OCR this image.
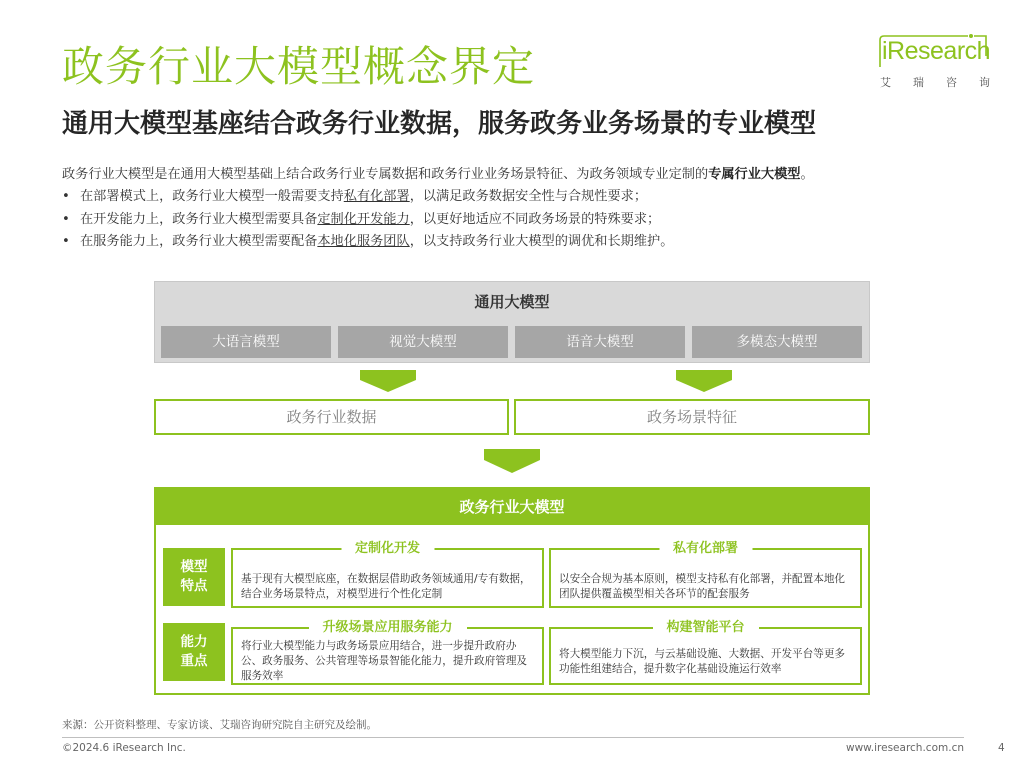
政务行业大模型概念界定
通用大模型基座结合政务行业数据，服务政务业务场景的专业模型
iResearch
艾 瑞 咨 询

政务行业大模型是在通用大模型基础上结合政务行业专属数据和政务行业业务场景特征、为政务领域专业定制的专属行业大模型。

• 在部署模式上，政务行业大模型一般需要支持私有化部署，以满足政务数据安全性与合规性要求；
• 在开发能力上，政务行业大模型需要具备定制化开发能力，以更好地适应不同政务场景的特殊要求；
• 在服务能力上，政务行业大模型需要配备本地化服务团队，以支持政务行业大模型的调优和长期维护。
通用大模型
大语言模型	视觉大模型	语音大模型	多模态大模型
政务行业数据	政务场景特征
政务行业大模型
模型
特点
定制化开发
基于现有大模型底座，在数据层借助政务领域通用/专有数据，结合业务场景特点，对模型进行个性化定制
私有化部署
以安全合规为基本原则，模型支持私有化部署，并配置本地化团队提供覆盖模型相关各环节的配套服务
能力
重点
升级场景应用服务能力
将行业大模型能力与政务场景应用结合，进一步提升政府办公、政务服务、公共管理等场景智能化能力，提升政府管理及服务效率
构建智能平台
将大模型能力下沉，与云基础设施、大数据、开发平台等更多功能性组建结合，提升数字化基础设施运行效率
来源：公开资料整理、专家访谈、艾瑞咨询研究院自主研究及绘制。
©2024.6 iResearch Inc.	www.iresearch.com.cn	4
